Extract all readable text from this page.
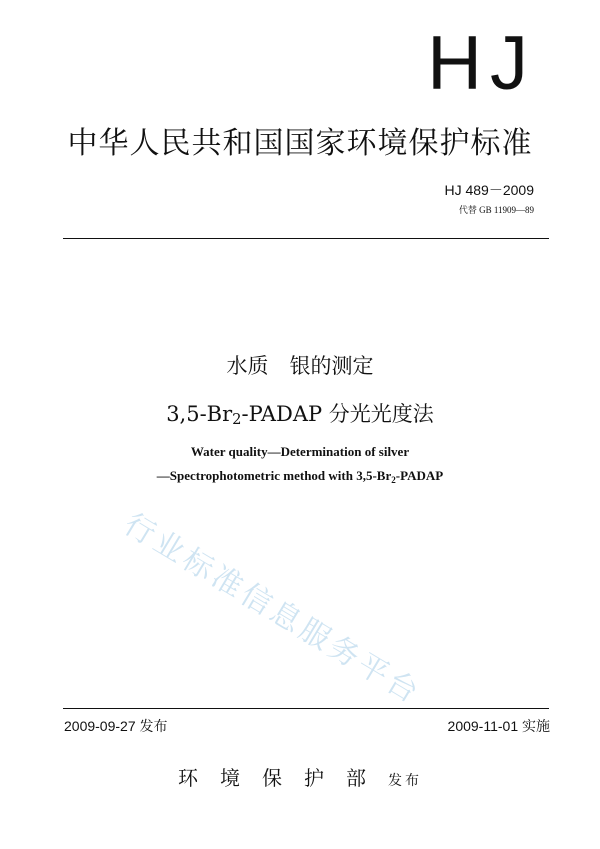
HJ
中华人民共和国国家环境保护标准
HJ 489－2009
代替 GB 11909—89
水质　银的测定
$3,5-Br_2$-PADAP 分光光度法
Water quality—Determination of silver
—Spectrophotometric method with $3,5-Br_2$-PADAP
行业标准信息服务平台
2009-09-27 发布	2009-11-01 实施
环境保护部发布
